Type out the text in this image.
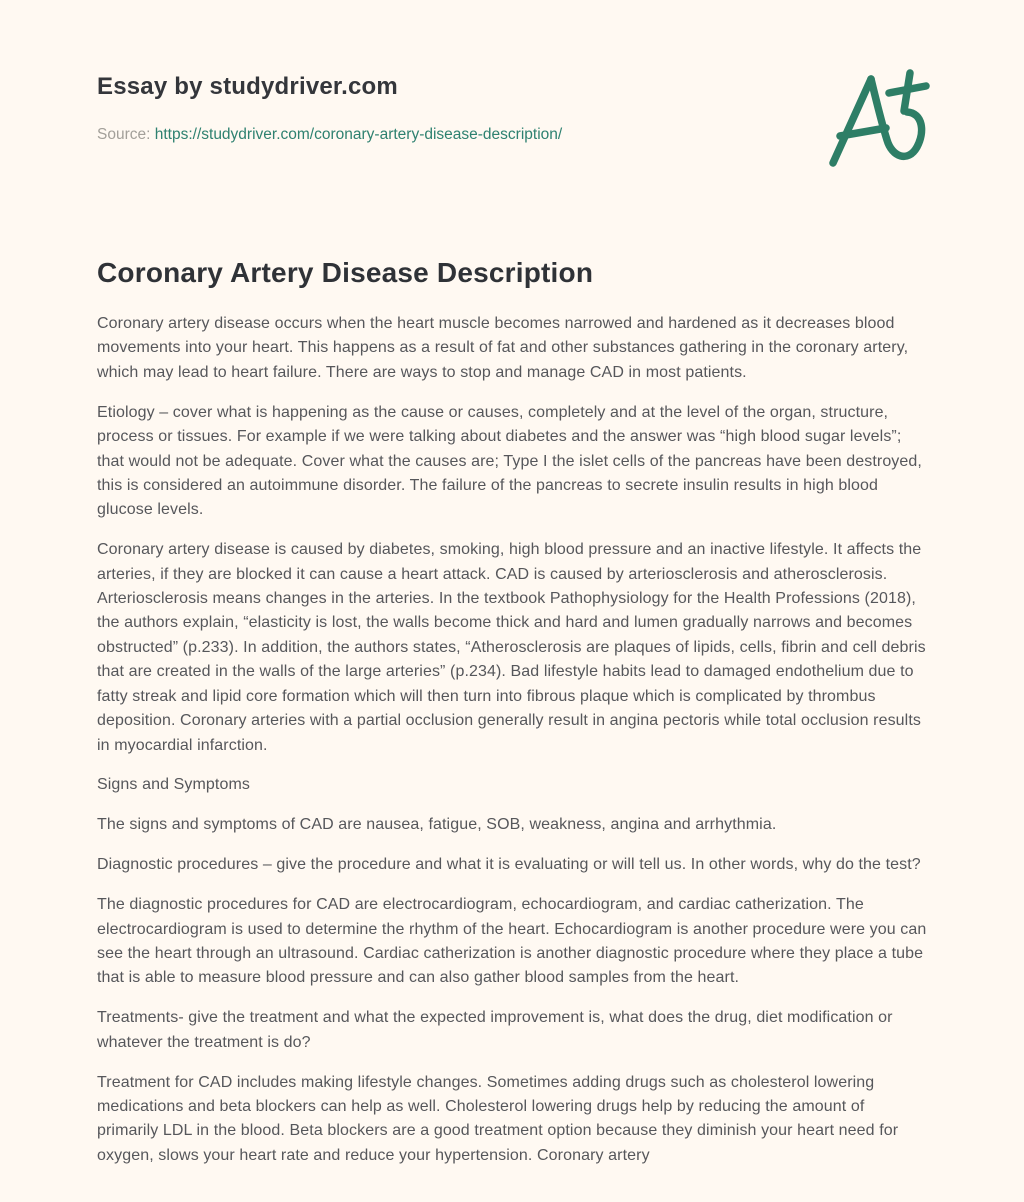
Essay by studydriver.com

Source: https://studydriver.com/coronary-artery-disease-description/

Coronary Artery Disease Description

Coronary artery disease occurs when the heart muscle becomes narrowed and hardened as it decreases blood movements into your heart. This happens as a result of fat and other substances gathering in the coronary artery, which may lead to heart failure. There are ways to stop and manage CAD in most patients.

Etiology – cover what is happening as the cause or causes, completely and at the level of the organ, structure, process or tissues. For example if we were talking about diabetes and the answer was “high blood sugar levels”; that would not be adequate. Cover what the causes are; Type I the islet cells of the pancreas have been destroyed, this is considered an autoimmune disorder. The failure of the pancreas to secrete insulin results in high blood glucose levels.

Coronary artery disease is caused by diabetes, smoking, high blood pressure and an inactive lifestyle. It affects the arteries, if they are blocked it can cause a heart attack. CAD is caused by arteriosclerosis and atherosclerosis. Arteriosclerosis means changes in the arteries. In the textbook Pathophysiology for the Health Professions (2018), the authors explain, “elasticity is lost, the walls become thick and hard and lumen gradually narrows and becomes obstructed” (p.233). In addition, the authors states, “Atherosclerosis are plaques of lipids, cells, fibrin and cell debris that are created in the walls of the large arteries” (p.234). Bad lifestyle habits lead to damaged endothelium due to fatty streak and lipid core formation which will then turn into fibrous plaque which is complicated by thrombus deposition. Coronary arteries with a partial occlusion generally result in angina pectoris while total occlusion results in myocardial infarction.

Signs and Symptoms

The signs and symptoms of CAD are nausea, fatigue, SOB, weakness, angina and arrhythmia.

Diagnostic procedures – give the procedure and what it is evaluating or will tell us. In other words, why do the test?

The diagnostic procedures for CAD are electrocardiogram, echocardiogram, and cardiac catherization. The electrocardiogram is used to determine the rhythm of the heart. Echocardiogram is another procedure were you can see the heart through an ultrasound. Cardiac catherization is another diagnostic procedure where they place a tube that is able to measure blood pressure and can also gather blood samples from the heart.

Treatments- give the treatment and what the expected improvement is, what does the drug, diet modification or whatever the treatment is do?

Treatment for CAD includes making lifestyle changes. Sometimes adding drugs such as cholesterol lowering medications and beta blockers can help as well. Cholesterol lowering drugs help by reducing the amount of primarily LDL in the blood. Beta blockers are a good treatment option because they diminish your heart need for oxygen, slows your heart rate and reduce your hypertension. Coronary artery
